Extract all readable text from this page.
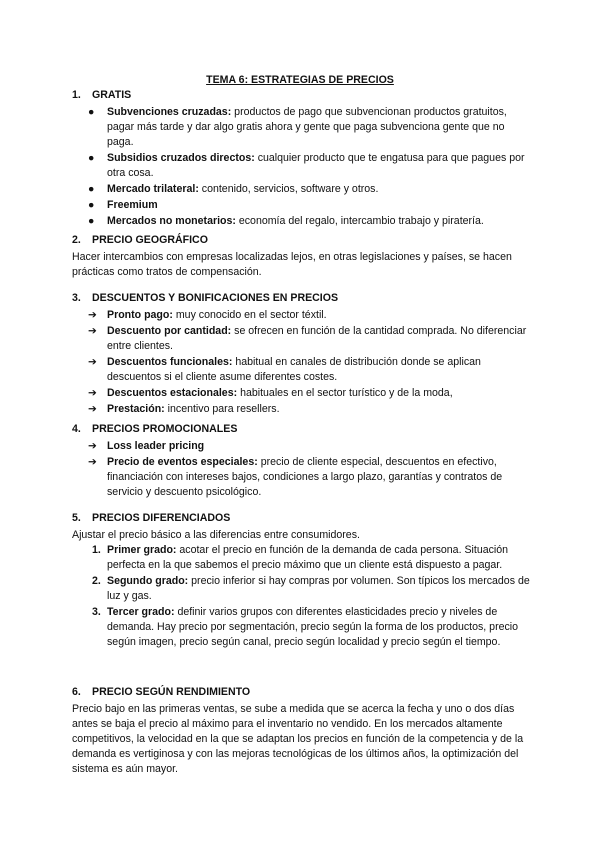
TEMA 6: ESTRATEGIAS DE PRECIOS
1. GRATIS
● Subvenciones cruzadas: productos de pago que subvencionan productos gratuitos, pagar más tarde y dar algo gratis ahora y gente que paga subvenciona gente que no paga.
● Subsidios cruzados directos: cualquier producto que te engatusa para que pagues por otra cosa.
● Mercado trilateral: contenido, servicios, software y otros.
● Freemium
● Mercados no monetarios: economía del regalo, intercambio trabajo y piratería.
2. PRECIO GEOGRÁFICO

Hacer intercambios con empresas localizadas lejos, en otras legislaciones y países, se hacen prácticas como tratos de compensación.

3. DESCUENTOS Y BONIFICACIONES EN PRECIOS
➔ Pronto pago: muy conocido en el sector téxtil.
➔ Descuento por cantidad: se ofrecen en función de la cantidad comprada. No diferenciar entre clientes.
➔ Descuentos funcionales: habitual en canales de distribución donde se aplican descuentos si el cliente asume diferentes costes.
➔ Descuentos estacionales: habituales en el sector turístico y de la moda,
➔ Prestación: incentivo para resellers.
4. PRECIOS PROMOCIONALES
➔ Loss leader pricing
➔ Precio de eventos especiales: precio de cliente especial, descuentos en efectivo, financiación con intereses bajos, condiciones a largo plazo, garantías y contratos de servicio y descuento psicológico.
5. PRECIOS DIFERENCIADOS

Ajustar el precio básico a las diferencias entre consumidores.

1. Primer grado: acotar el precio en función de la demanda de cada persona. Situación perfecta en la que sabemos el precio máximo que un cliente está dispuesto a pagar.
2. Segundo grado: precio inferior si hay compras por volumen. Son típicos los mercados de luz y gas.
3. Tercer grado: definir varios grupos con diferentes elasticidades precio y niveles de demanda. Hay precio por segmentación, precio según la forma de los productos, precio según imagen, precio según canal, precio según localidad y precio según el tiempo.
6. PRECIO SEGÚN RENDIMIENTO

Precio bajo en las primeras ventas, se sube a medida que se acerca la fecha y uno o dos días antes se baja el precio al máximo para el inventario no vendido. En los mercados altamente competitivos, la velocidad en la que se adaptan los precios en función de la competencia y de la demanda es vertiginosa y con las mejoras tecnológicas de los últimos años, la optimización del sistema es aún mayor.
